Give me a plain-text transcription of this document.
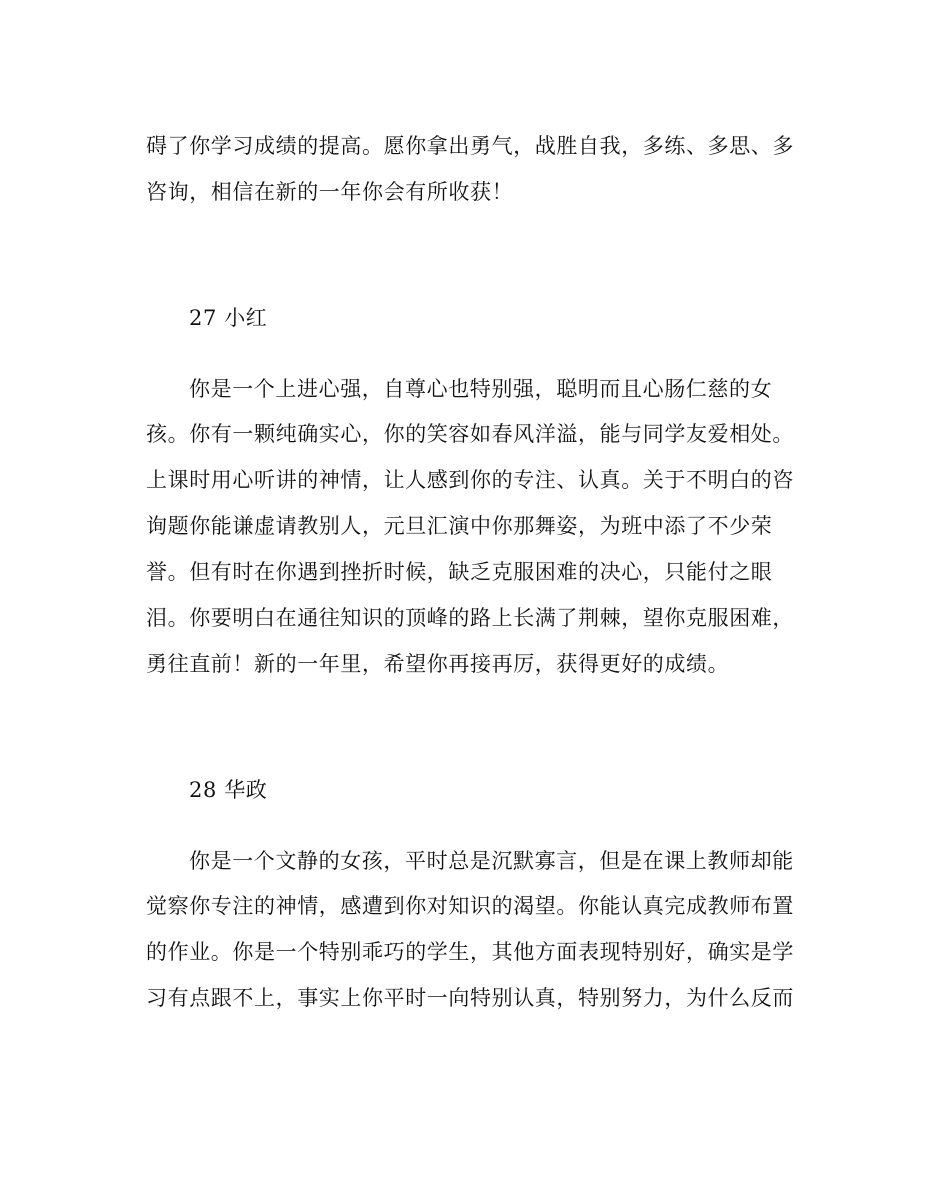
碍了你学习成绩的提高。愿你拿出勇气，战胜自我，多练、多思、多
咨询，相信在新的一年你会有所收获！
27 小红
你是一个上进心强，自尊心也特别强，聪明而且心肠仁慈的女
孩。你有一颗纯确实心，你的笑容如春风洋溢，能与同学友爱相处。
上课时用心听讲的神情，让人感到你的专注、认真。关于不明白的咨
询题你能谦虚请教别人，元旦汇演中你那舞姿，为班中添了不少荣
誉。但有时在你遇到挫折时候，缺乏克服困难的决心，只能付之眼
泪。你要明白在通往知识的顶峰的路上长满了荆棘，望你克服困难，
勇往直前！新的一年里，希望你再接再厉，获得更好的成绩。
28 华政
你是一个文静的女孩，平时总是沉默寡言，但是在课上教师却能
觉察你专注的神情，感遭到你对知识的渴望。你能认真完成教师布置
的作业。你是一个特别乖巧的学生，其他方面表现特别好，确实是学
习有点跟不上，事实上你平时一向特别认真，特别努力，为什么反而
